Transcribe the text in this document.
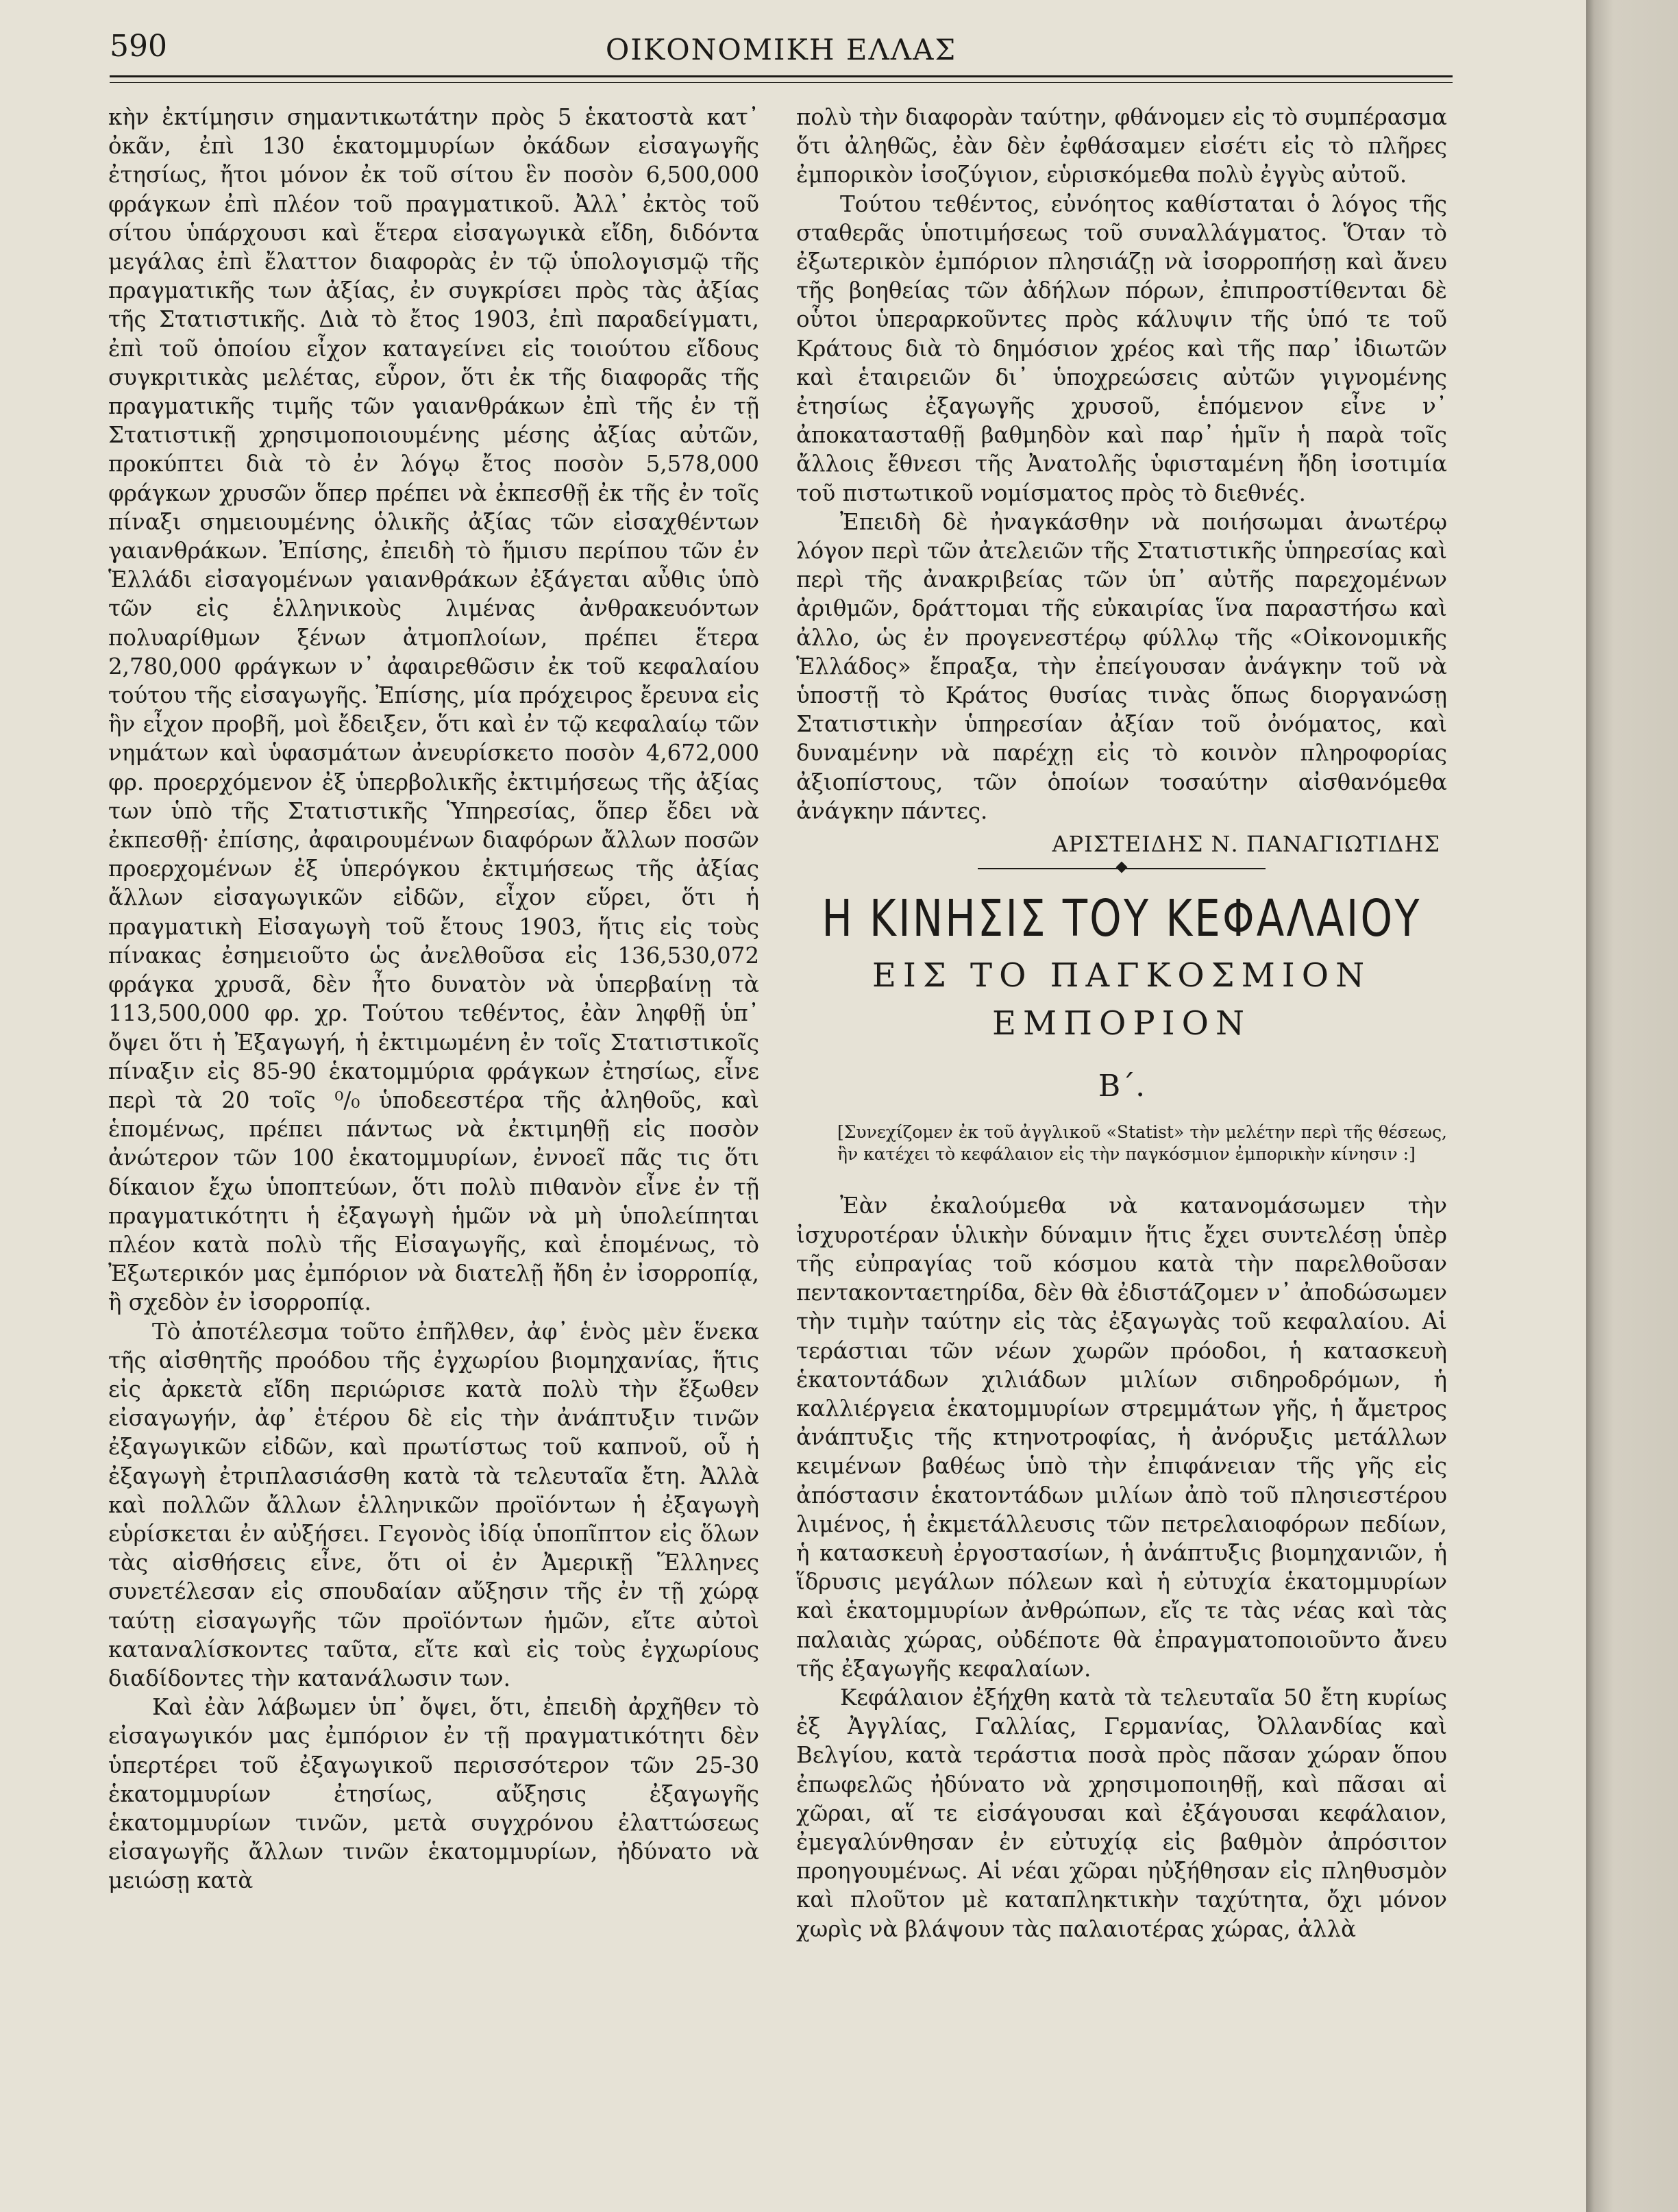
590	ΟΙΚΟΝΟΜΙΚΗ ΕΛΛΑΣ

κὴν ἐκτίμησιν σημαντικωτάτην πρὸς 5 ἑκατοστὰ κατ᾽ ὀκᾶν, ἐπὶ 130 ἑκατομμυρίων ὀκάδων εἰσαγωγῆς ἐτησίως, ἤτοι μόνον ἐκ τοῦ σίτου ἓν ποσὸν 6,500,000 φράγκων ἐπὶ πλέον τοῦ πραγματικοῦ. Ἀλλ᾽ ἐκτὸς τοῦ σίτου ὑπάρχουσι καὶ ἕτερα εἰσαγωγικὰ εἴδη, διδόντα μεγάλας ἐπὶ ἔλαττον διαφορὰς ἐν τῷ ὑπολογισμῷ τῆς πραγματικῆς των ἀξίας, ἐν συγκρίσει πρὸς τὰς ἀξίας τῆς Στατιστικῆς. Διὰ τὸ ἔτος 1903, ἐπὶ παραδείγματι, ἐπὶ τοῦ ὁποίου εἶχον καταγείνει εἰς τοιούτου εἴδους συγκριτικὰς μελέτας, εὗρον, ὅτι ἐκ τῆς διαφορᾶς τῆς πραγματικῆς τιμῆς τῶν γαιανθράκων ἐπὶ τῆς ἐν τῇ Στατιστικῇ χρησιμοποιουμένης μέσης ἀξίας αὐτῶν, προκύπτει διὰ τὸ ἐν λόγῳ ἔτος ποσὸν 5,578,000 φράγκων χρυσῶν ὅπερ πρέπει νὰ ἐκπεσθῇ ἐκ τῆς ἐν τοῖς πίναξι σημειουμένης ὁλικῆς ἀξίας τῶν εἰσαχθέντων γαιανθράκων. Ἐπίσης, ἐπειδὴ τὸ ἥμισυ περίπου τῶν ἐν Ἑλλάδι εἰσαγομένων γαιανθράκων ἐξάγεται αὖθις ὑπὸ τῶν εἰς ἑλληνικοὺς λιμένας ἀνθρακευόντων πολυαρίθμων ξένων ἀτμοπλοίων, πρέπει ἕτερα 2,780,000 φράγκων ν᾽ ἀφαιρεθῶσιν ἐκ τοῦ κεφαλαίου τούτου τῆς εἰσαγωγῆς. Ἐπίσης, μία πρόχειρος ἔρευνα εἰς ἣν εἶχον προβῆ, μοὶ ἔδειξεν, ὅτι καὶ ἐν τῷ κεφαλαίῳ τῶν νημάτων καὶ ὑφασμάτων ἀνευρίσκετο ποσὸν 4,672,000 φρ. προερχόμενον ἐξ ὑπερβολικῆς ἐκτιμήσεως τῆς ἀξίας των ὑπὸ τῆς Στατιστικῆς Ὑπηρεσίας, ὅπερ ἔδει νὰ ἐκπεσθῇ· ἐπίσης, ἀφαιρουμένων διαφόρων ἄλλων ποσῶν προερχομένων ἐξ ὑπερόγκου ἐκτιμήσεως τῆς ἀξίας ἄλλων εἰσαγωγικῶν εἰδῶν, εἶχον εὕρει, ὅτι ἡ πραγματικὴ Εἰσαγωγὴ τοῦ ἔτους 1903, ἥτις εἰς τοὺς πίνακας ἐσημειοῦτο ὡς ἀνελθοῦσα εἰς 136,530,072 φράγκα χρυσᾶ, δὲν ἦτο δυνατὸν νὰ ὑπερβαίνῃ τὰ 113,500,000 φρ. χρ. Τούτου τεθέντος, ἐὰν ληφθῇ ὑπ᾽ ὄψει ὅτι ἡ Ἐξαγωγή, ἡ ἐκτιμωμένη ἐν τοῖς Στατιστικοῖς πίναξιν εἰς 85-90 ἑκατομμύρια φράγκων ἐτησίως, εἶνε περὶ τὰ 20 τοῖς ⁰/₀ ὑποδεεστέρα τῆς ἀληθοῦς, καὶ ἑπομένως, πρέπει πάντως νὰ ἐκτιμηθῇ εἰς ποσὸν ἀνώτερον τῶν 100 ἑκατομμυρίων, ἐννοεῖ πᾶς τις ὅτι δίκαιον ἔχω ὑποπτεύων, ὅτι πολὺ πιθανὸν εἶνε ἐν τῇ πραγματικότητι ἡ ἐξαγωγὴ ἡμῶν νὰ μὴ ὑπολείπηται πλέον κατὰ πολὺ τῆς Εἰσαγωγῆς, καὶ ἑπομένως, τὸ Ἐξωτερικόν μας ἐμπόριον νὰ διατελῇ ἤδη ἐν ἰσορροπίᾳ, ἢ σχεδὸν ἐν ἰσορροπίᾳ.

Τὸ ἀποτέλεσμα τοῦτο ἐπῆλθεν, ἀφ᾽ ἑνὸς μὲν ἕνεκα τῆς αἰσθητῆς προόδου τῆς ἐγχωρίου βιομηχανίας, ἥτις εἰς ἀρκετὰ εἴδη περιώρισε κατὰ πολὺ τὴν ἔξωθεν εἰσαγωγήν, ἀφ᾽ ἑτέρου δὲ εἰς τὴν ἀνάπτυξιν τινῶν ἐξαγωγικῶν εἰδῶν, καὶ πρωτίστως τοῦ καπνοῦ, οὗ ἡ ἐξαγωγὴ ἐτριπλασιάσθη κατὰ τὰ τελευταῖα ἔτη. Ἀλλὰ καὶ πολλῶν ἄλλων ἑλληνικῶν προϊόντων ἡ ἐξαγωγὴ εὑρίσκεται ἐν αὐξήσει. Γεγονὸς ἰδίᾳ ὑποπῖπτον εἰς ὅλων τὰς αἰσθήσεις εἶνε, ὅτι οἱ ἐν Ἀμερικῇ Ἕλληνες συνετέλεσαν εἰς σπουδαίαν αὔξησιν τῆς ἐν τῇ χώρᾳ ταύτῃ εἰσαγωγῆς τῶν προϊόντων ἡμῶν, εἴτε αὐτοὶ καταναλίσκοντες ταῦτα, εἴτε καὶ εἰς τοὺς ἐγχωρίους διαδίδοντες τὴν κατανάλωσιν των.

Καὶ ἐὰν λάβωμεν ὑπ᾽ ὄψει, ὅτι, ἐπειδὴ ἀρχῆθεν τὸ εἰσαγωγικόν μας ἐμπόριον ἐν τῇ πραγματικότητι δὲν ὑπερτέρει τοῦ ἐξαγωγικοῦ περισσότερον τῶν 25-30 ἑκατομμυρίων ἐτησίως, αὔξησις ἐξαγωγῆς ἑκατομμυρίων τινῶν, μετὰ συγχρόνου ἐλαττώσεως εἰσαγωγῆς ἄλλων τινῶν ἑκατομμυρίων, ἠδύνατο νὰ μειώσῃ κατὰ

πολὺ τὴν διαφορὰν ταύτην, φθάνομεν εἰς τὸ συμπέρασμα ὅτι ἀληθῶς, ἐὰν δὲν ἐφθάσαμεν εἰσέτι εἰς τὸ πλῆρες ἐμπορικὸν ἰσοζύγιον, εὑρισκόμεθα πολὺ ἐγγὺς αὐτοῦ.

Τούτου τεθέντος, εὐνόητος καθίσταται ὁ λόγος τῆς σταθερᾶς ὑποτιμήσεως τοῦ συναλλάγματος. Ὅταν τὸ ἐξωτερικὸν ἐμπόριον πλησιάζῃ νὰ ἰσορροπήσῃ καὶ ἄνευ τῆς βοηθείας τῶν ἀδήλων πόρων, ἐπιπροστίθενται δὲ οὗτοι ὑπεραρκοῦντες πρὸς κάλυψιν τῆς ὑπό τε τοῦ Κράτους διὰ τὸ δημόσιον χρέος καὶ τῆς παρ᾽ ἰδιωτῶν καὶ ἑταιρειῶν δι᾽ ὑποχρεώσεις αὐτῶν γιγνομένης ἐτησίως ἐξαγωγῆς χρυσοῦ, ἑπόμενον εἶνε ν᾽ ἀποκατασταθῇ βαθμηδὸν καὶ παρ᾽ ἡμῖν ἡ παρὰ τοῖς ἄλλοις ἔθνεσι τῆς Ἀνατολῆς ὑφισταμένη ἤδη ἰσοτιμία τοῦ πιστωτικοῦ νομίσματος πρὸς τὸ διεθνές.

Ἐπειδὴ δὲ ἠναγκάσθην νὰ ποιήσωμαι ἀνωτέρῳ λόγον περὶ τῶν ἀτελειῶν τῆς Στατιστικῆς ὑπηρεσίας καὶ περὶ τῆς ἀνακριβείας τῶν ὑπ᾽ αὐτῆς παρεχομένων ἀριθμῶν, δράττομαι τῆς εὐκαιρίας ἵνα παραστήσω καὶ ἀλλο, ὡς ἐν προγενεστέρῳ φύλλῳ τῆς «Οἰκονομικῆς Ἑλλάδος» ἔπραξα, τὴν ἐπείγουσαν ἀνάγκην τοῦ νὰ ὑποστῇ τὸ Κράτος θυσίας τινὰς ὅπως διοργανώσῃ Στατιστικὴν ὑπηρεσίαν ἀξίαν τοῦ ὀνόματος, καὶ δυναμένην νὰ παρέχῃ εἰς τὸ κοινὸν πληροφορίας ἀξιοπίστους, τῶν ὁποίων τοσαύτην αἰσθανόμεθα ἀνάγκην πάντες.

ΑΡΙΣΤΕΙΔΗΣ Ν. ΠΑΝΑΓΙΩΤΙΔΗΣ
Η ΚΙΝΗΣΙΣ ΤΟΥ ΚΕΦΑΛΑΙΟΥ
ΕΙΣ ΤΟ ΠΑΓΚΟΣΜΙΟΝ ΕΜΠΟΡΙΟΝ
Β΄.
[Συνεχίζομεν ἐκ τοῦ ἀγγλικοῦ «Statist» τὴν μελέτην περὶ τῆς θέσεως, ἣν κατέχει τὸ κεφάλαιον εἰς τὴν παγκόσμιον ἐμπορικὴν κίνησιν :]

Ἐὰν ἐκαλούμεθα νὰ κατανομάσωμεν τὴν ἰσχυροτέραν ὑλικὴν δύναμιν ἥτις ἔχει συντελέσῃ ὑπὲρ τῆς εὐπραγίας τοῦ κόσμου κατὰ τὴν παρελθοῦσαν πεντακονταετηρίδα, δὲν θὰ ἐδιστάζομεν ν᾽ ἀποδώσωμεν τὴν τιμὴν ταύτην εἰς τὰς ἐξαγωγὰς τοῦ κεφαλαίου. Αἱ τεράστιαι τῶν νέων χωρῶν πρόοδοι, ἡ κατασκευὴ ἑκατοντάδων χιλιάδων μιλίων σιδηροδρόμων, ἡ καλλιέργεια ἑκατομμυρίων στρεμμάτων γῆς, ἡ ἄμετρος ἀνάπτυξις τῆς κτηνοτροφίας, ἡ ἀνόρυξις μετάλλων κειμένων βαθέως ὑπὸ τὴν ἐπιφάνειαν τῆς γῆς εἰς ἀπόστασιν ἑκατοντάδων μιλίων ἀπὸ τοῦ πλησιεστέρου λιμένος, ἡ ἐκμετάλλευσις τῶν πετρελαιοφόρων πεδίων, ἡ κατασκευὴ ἐργοστασίων, ἡ ἀνάπτυξις βιομηχανιῶν, ἡ ἵδρυσις μεγάλων πόλεων καὶ ἡ εὐτυχία ἑκατομμυρίων καὶ ἑκατομμυρίων ἀνθρώπων, εἴς τε τὰς νέας καὶ τὰς παλαιὰς χώρας, οὐδέποτε θὰ ἐπραγματοποιοῦντο ἄνευ τῆς ἐξαγωγῆς κεφαλαίων.

Κεφάλαιον ἐξήχθη κατὰ τὰ τελευταῖα 50 ἔτη κυρίως ἐξ Ἀγγλίας, Γαλλίας, Γερμανίας, Ὀλλανδίας καὶ Βελγίου, κατὰ τεράστια ποσὰ πρὸς πᾶσαν χώραν ὅπου ἐπωφελῶς ἠδύνατο νὰ χρησιμοποιηθῇ, καὶ πᾶσαι αἱ χῶραι, αἵ τε εἰσάγουσαι καὶ ἐξάγουσαι κεφάλαιον, ἐμεγαλύνθησαν ἐν εὐτυχίᾳ εἰς βαθμὸν ἀπρόσιτον προηγουμένως. Αἱ νέαι χῶραι ηὐξήθησαν εἰς πληθυσμὸν καὶ πλοῦτον μὲ καταπληκτικὴν ταχύτητα, ὄχι μόνον χωρὶς νὰ βλάψουν τὰς παλαιοτέρας χώρας, ἀλλὰ
